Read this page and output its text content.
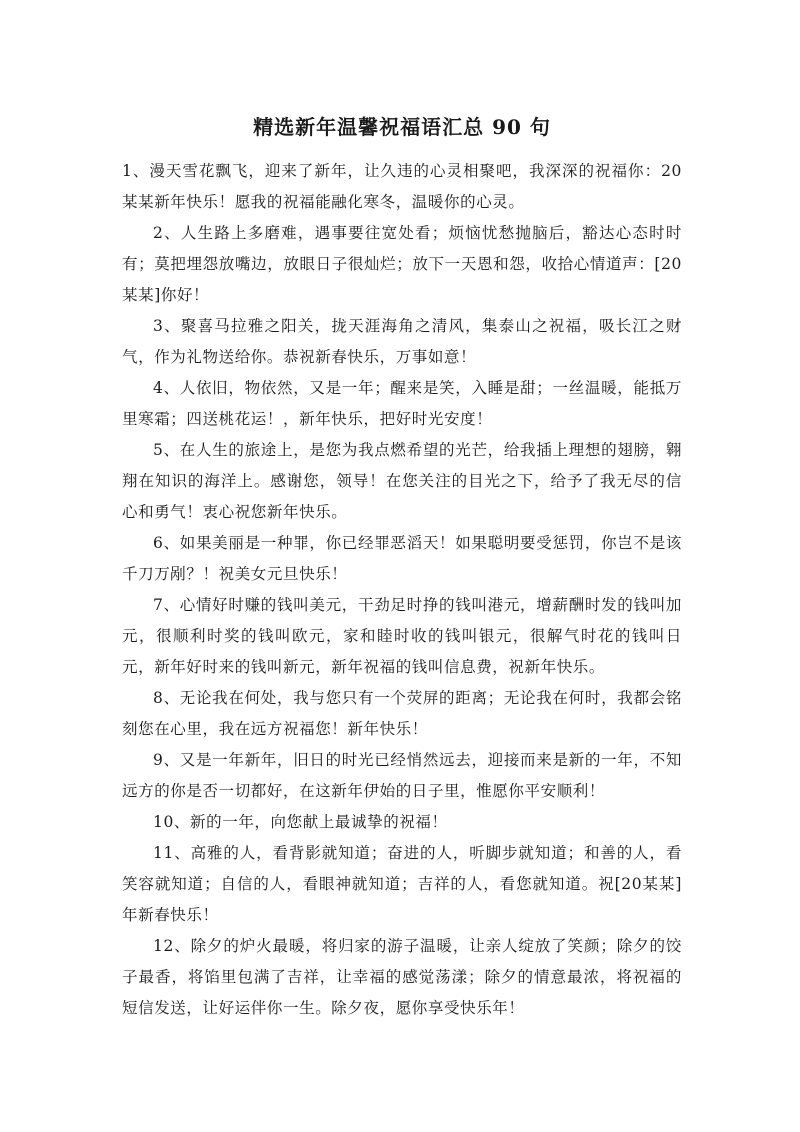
精选新年温馨祝福语汇总 90 句

1、漫天雪花飘飞，迎来了新年，让久违的心灵相聚吧，我深深的祝福你：20某某新年快乐！愿我的祝福能融化寒冬，温暖你的心灵。

2、人生路上多磨难，遇事要往宽处看；烦恼忧愁抛脑后，豁达心态时时有；莫把埋怨放嘴边，放眼日子很灿烂；放下一天恩和怨，收拾心情道声：[20某某]你好！

3、聚喜马拉雅之阳关，拢天涯海角之清风，集泰山之祝福，吸长江之财气，作为礼物送给你。恭祝新春快乐，万事如意！

4、人依旧，物依然，又是一年；醒来是笑，入睡是甜；一丝温暖，能抵万里寒霜；四送桃花运！，新年快乐，把好时光安度！

5、在人生的旅途上，是您为我点燃希望的光芒，给我插上理想的翅膀，翱翔在知识的海洋上。感谢您，领导！在您关注的目光之下，给予了我无尽的信心和勇气！衷心祝您新年快乐。

6、如果美丽是一种罪，你已经罪恶滔天！如果聪明要受惩罚，你岂不是该千刀万剐？！祝美女元旦快乐！

7、心情好时赚的钱叫美元，干劲足时挣的钱叫港元，增薪酬时发的钱叫加元，很顺利时奖的钱叫欧元，家和睦时收的钱叫银元，很解气时花的钱叫日元，新年好时来的钱叫新元，新年祝福的钱叫信息费，祝新年快乐。

8、无论我在何处，我与您只有一个荧屏的距离；无论我在何时，我都会铭刻您在心里，我在远方祝福您！新年快乐！

9、又是一年新年，旧日的时光已经悄然远去，迎接而来是新的一年，不知远方的你是否一切都好，在这新年伊始的日子里，惟愿你平安顺利！

10、新的一年，向您献上最诚挚的祝福！

11、高雅的人，看背影就知道；奋进的人，听脚步就知道；和善的人，看笑容就知道；自信的人，看眼神就知道；吉祥的人，看您就知道。祝[20某某]年新春快乐！

12、除夕的炉火最暖，将归家的游子温暖，让亲人绽放了笑颜；除夕的饺子最香，将馅里包满了吉祥，让幸福的感觉荡漾；除夕的情意最浓，将祝福的短信发送，让好运伴你一生。除夕夜，愿你享受快乐年！
